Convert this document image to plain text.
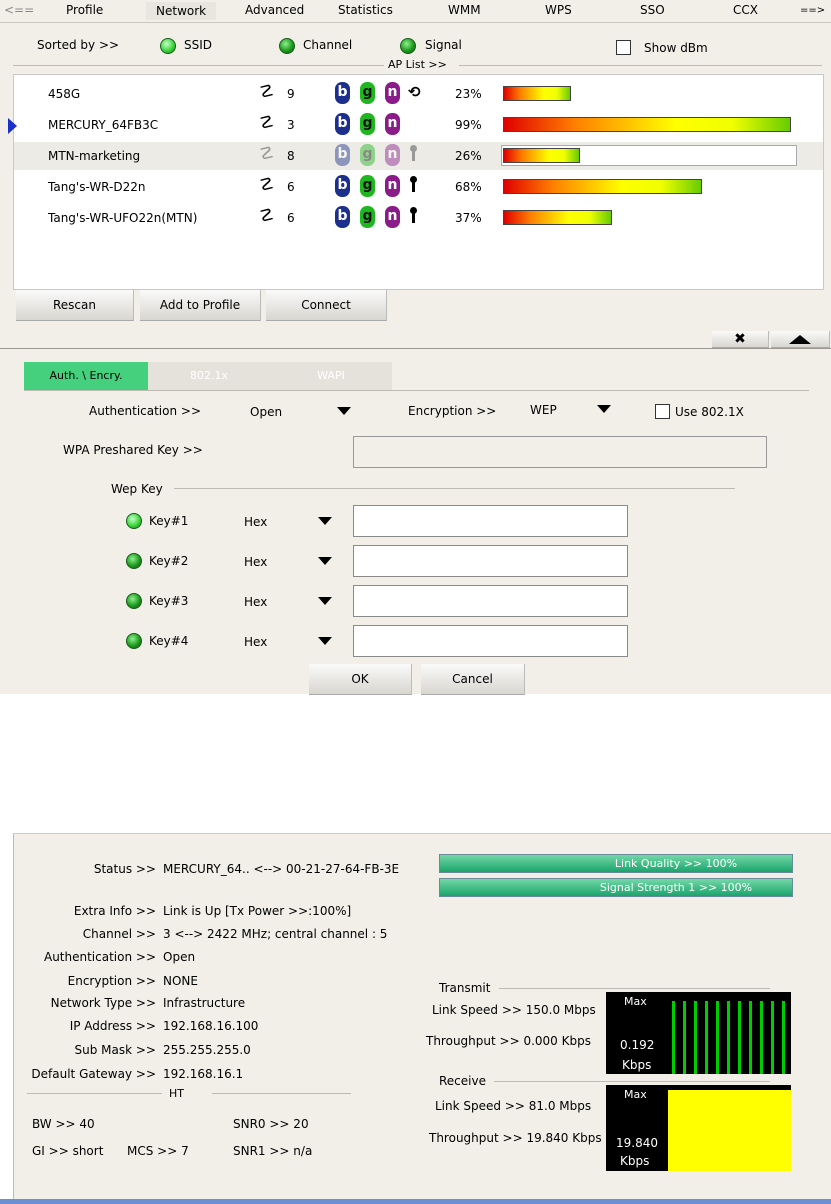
<==	Profile	Network	Advanced	Statistics	WMM	WPS	SSO	CCX	==>
Sorted by >>	SSID	Channel	Signal	Show dBm
AP List >>
458G	☡ 9	b g n ⟲	23%
MERCURY_64FB3C	☡ 3	b g n	99%
MTN-marketing	☡ 8	b g n	26%
Tang's-WR-D22n	☡ 6	b g n	68%
Tang's-WR-UFO22n(MTN)	☡ 6	b g n	37%
Rescan	Add to Profile	Connect
✖
Auth. \ Encry.	802.1x	WAPI
Authentication >>	Open	Encryption >>	WEP	Use 802.1X
WPA Preshared Key >>
Wep Key
Key#1	Hex
Key#2	Hex
Key#3	Hex
Key#4	Hex
OK	Cancel
Status >> MERCURY_64.. <--> 00-21-27-64-FB-3E
Extra Info >> Link is Up [Tx Power >>:100%]
Channel >> 3 <--> 2422 MHz; central channel : 5
Authentication >> Open
Encryption >> NONE
Network Type >> Infrastructure
IP Address >> 192.168.16.100
Sub Mask >> 255.255.255.0
Default Gateway >> 192.168.16.1
HT
BW >> 40
GI >> short MCS >> 7
SNR0 >> 20
SNR1 >> n/a
Link Quality >> 100%
Signal Strength 1 >> 100%
Transmit
Link Speed >> 150.0 Mbps
Throughput >> 0.000 Kbps
Max
0.192
Kbps
Receive
Link Speed >> 81.0 Mbps
Throughput >> 19.840 Kbps
Max
19.840
Kbps
